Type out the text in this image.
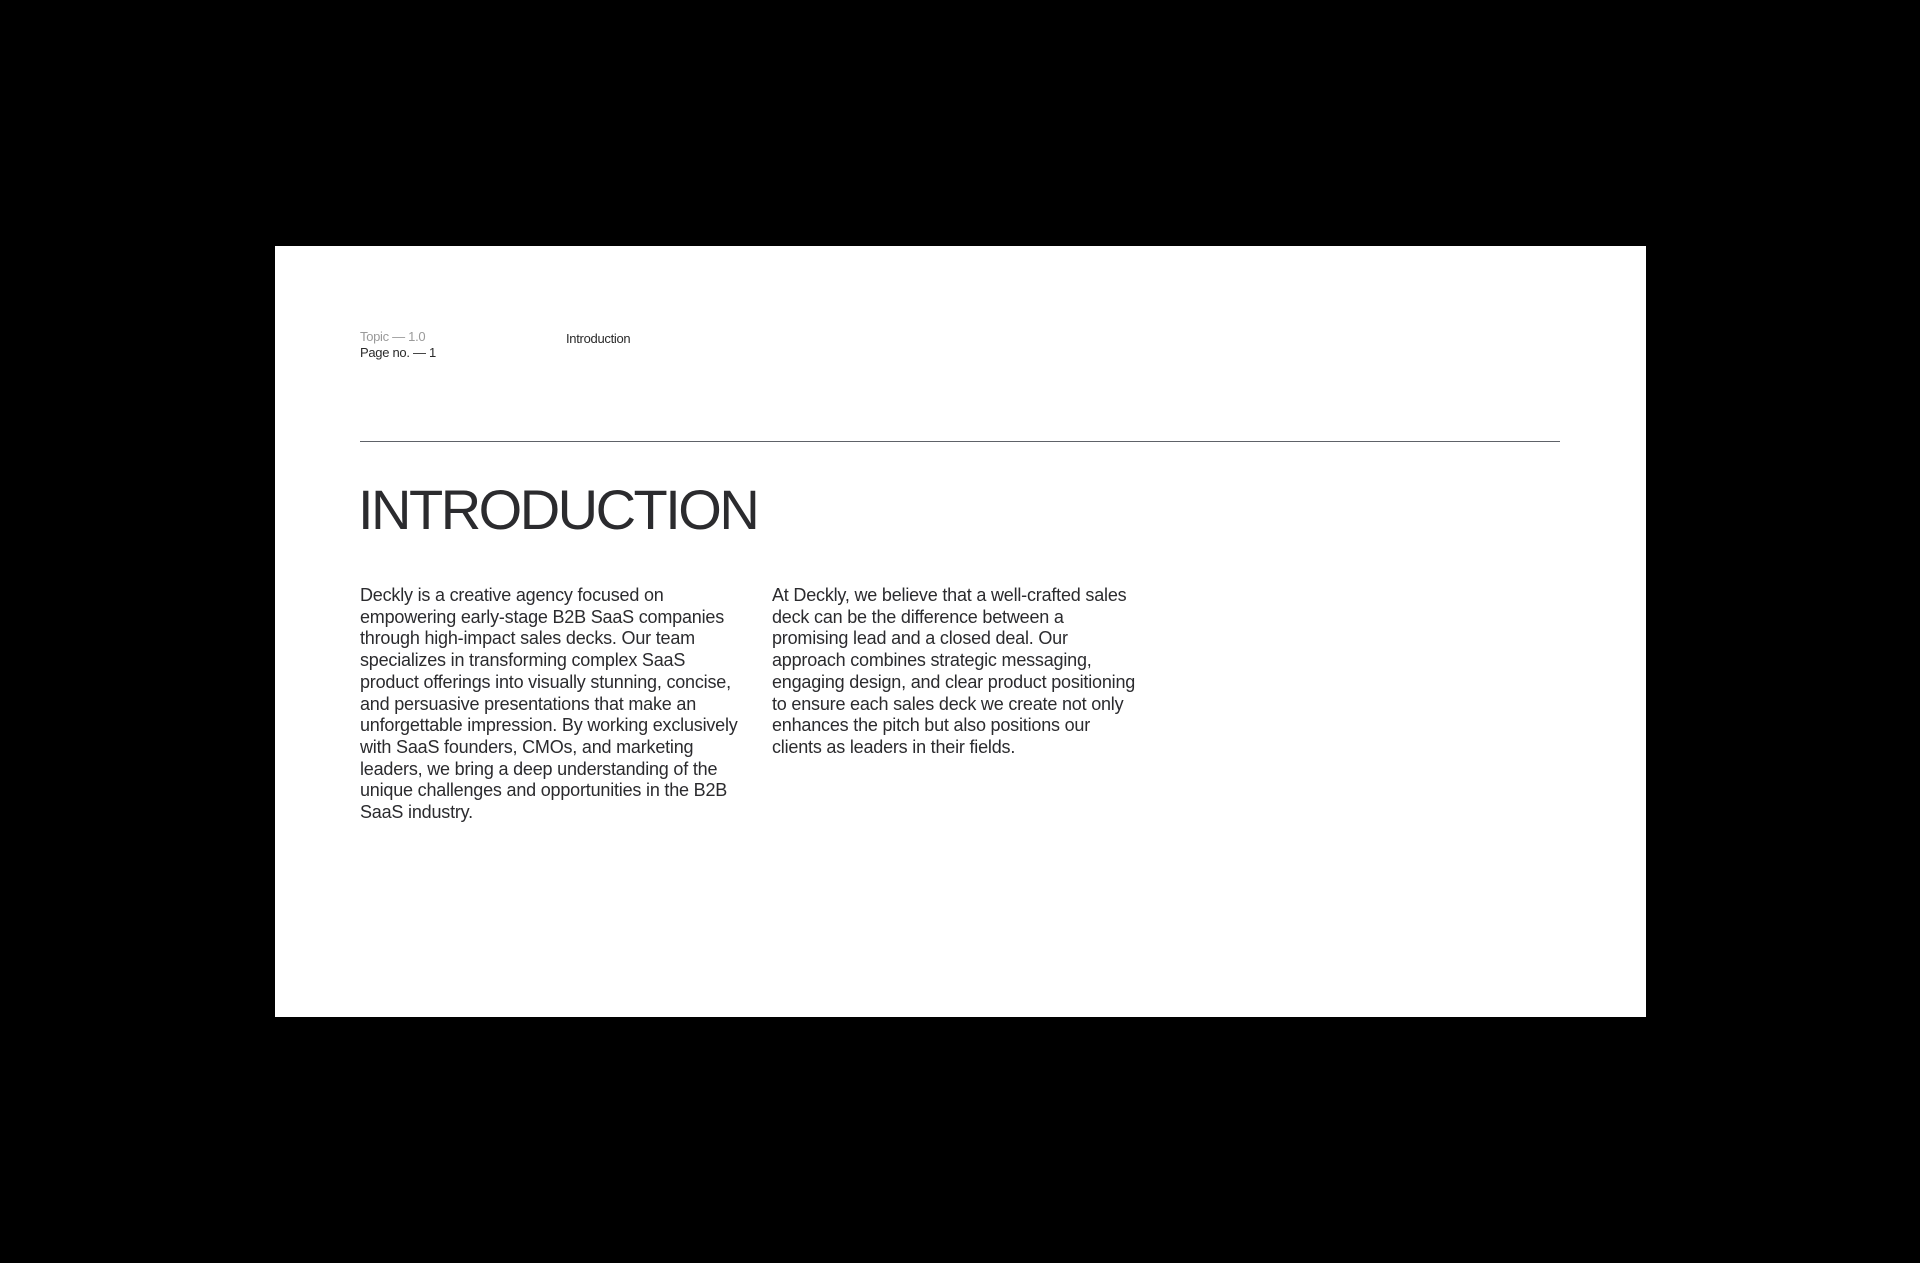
Topic — 1.0
Page no. — 1
Introduction
INTRODUCTION

Deckly is a creative agency focused on empowering early-stage B2B SaaS companies through high-impact sales decks. Our team specializes in transforming complex SaaS product offerings into visually stunning, concise, and persuasive presentations that make an unforgettable impression. By working exclusively with SaaS founders, CMOs, and marketing leaders, we bring a deep understanding of the unique challenges and opportunities in the B2B SaaS industry.

At Deckly, we believe that a well-crafted sales deck can be the difference between a promising lead and a closed deal. Our approach combines strategic messaging, engaging design, and clear product positioning to ensure each sales deck we create not only enhances the pitch but also positions our clients as leaders in their fields.
